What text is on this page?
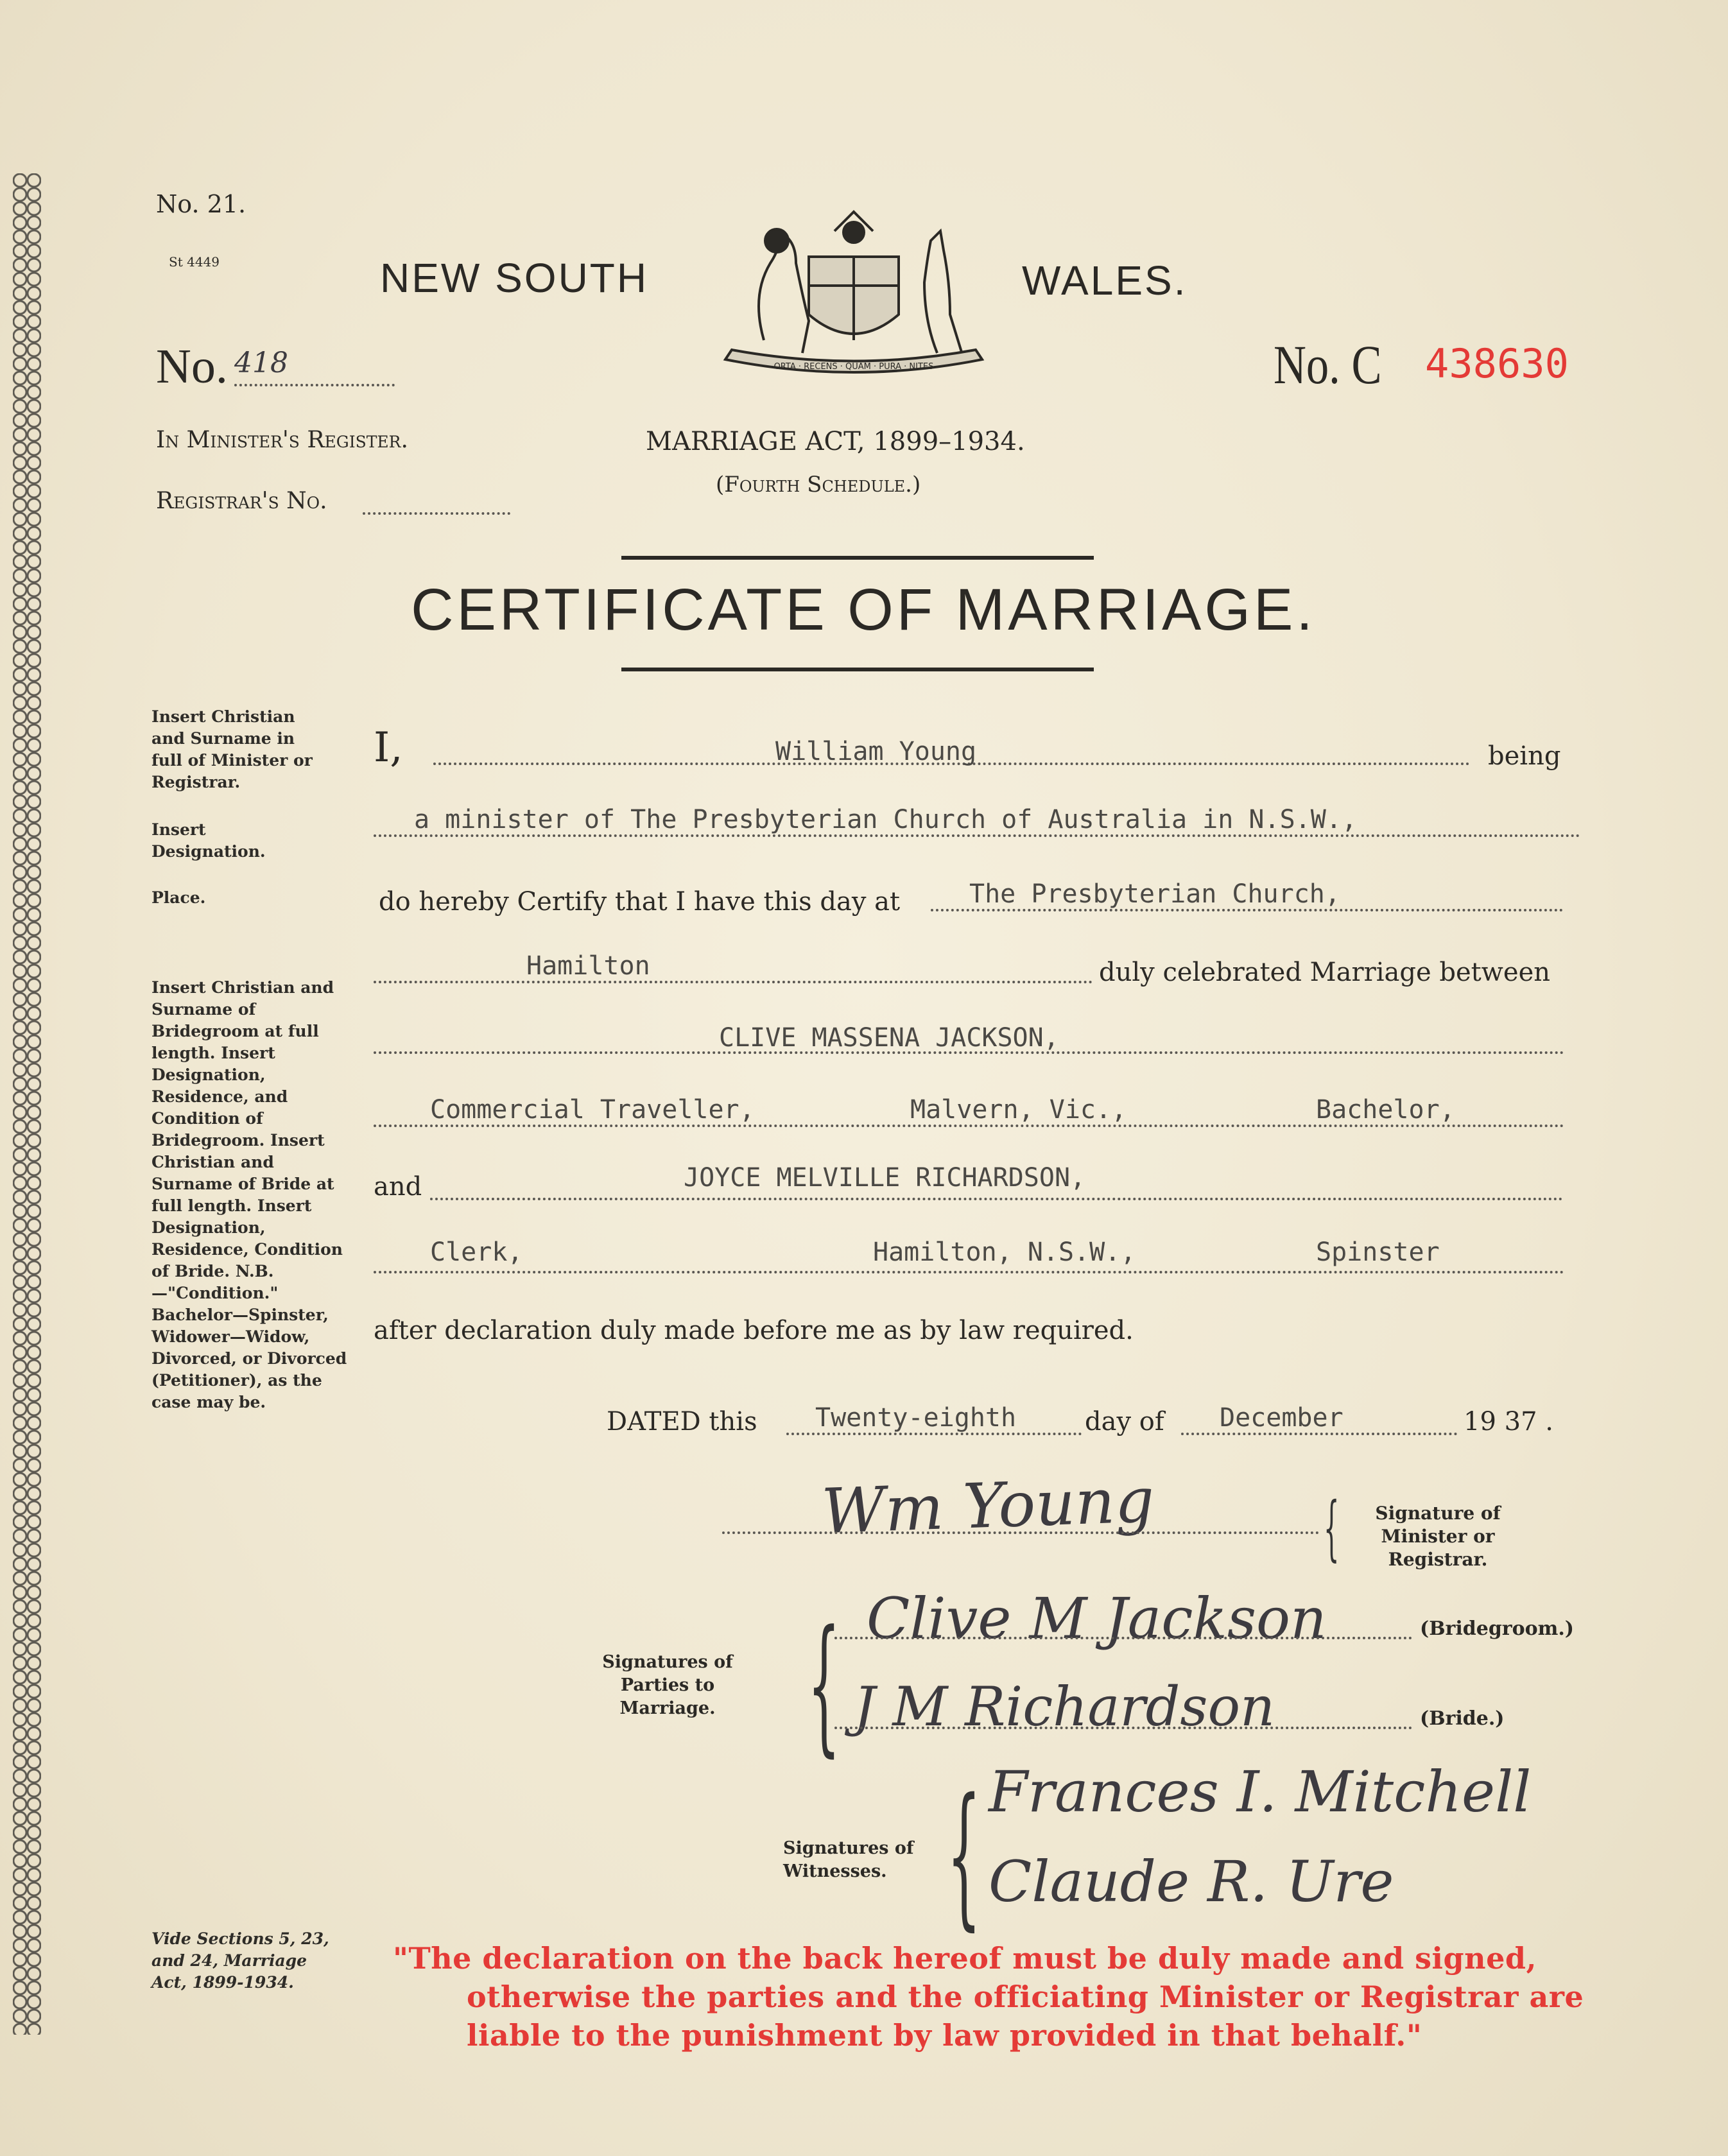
No. 21.
St 4449	NEW SOUTH	WALES.
ORTA · RECENS · QUAM · PURA · NITES
No. 418
In Minister's Register.
Registrar's No.
MARRIAGE ACT, 1899–1934.
(Fourth Schedule.)
No. C 438630
CERTIFICATE OF MARRIAGE.
Insert Christian and Surname in full of Minister or Registrar.
Insert Designation.
Place.
Insert Christian and Surname of Bridegroom at full length. Insert Designation, Residence, and Condition of Bridegroom. Insert Christian and Surname of Bride at full length. Insert Designation, Residence, Condition of Bride. N.B.—"Condition." Bachelor—Spinster, Widower—Widow, Divorced, or Divorced (Petitioner), as the case may be.
Vide Sections 5, 23, and 24, Marriage Act, 1899-1934.
I,	William Young	being
a minister of The Presbyterian Church of Australia in N.S.W.,
do hereby Certify that I have this day at	The Presbyterian Church,
Hamilton	duly celebrated Marriage between
CLIVE MASSENA JACKSON,
Commercial Traveller,	Malvern, Vic.,	Bachelor,
and	JOYCE MELVILLE RICHARDSON,
Clerk,	Hamilton, N.S.W.,	Spinster
after declaration duly made before me as by law required.
DATED this Twenty-eighth	day of December	19 37 .
Wm Young {	Signature of Minister or Registrar.
Signatures of Parties to Marriage. { Clive M Jackson	(Bridegroom.)
J M Richardson	(Bride.)
Signatures of Witnesses. { Frances I. Mitchell
Claude R. Ure
"The declaration on the back hereof must be duly made and signed,
otherwise the parties and the officiating Minister or Registrar are
liable to the punishment by law provided in that behalf."
